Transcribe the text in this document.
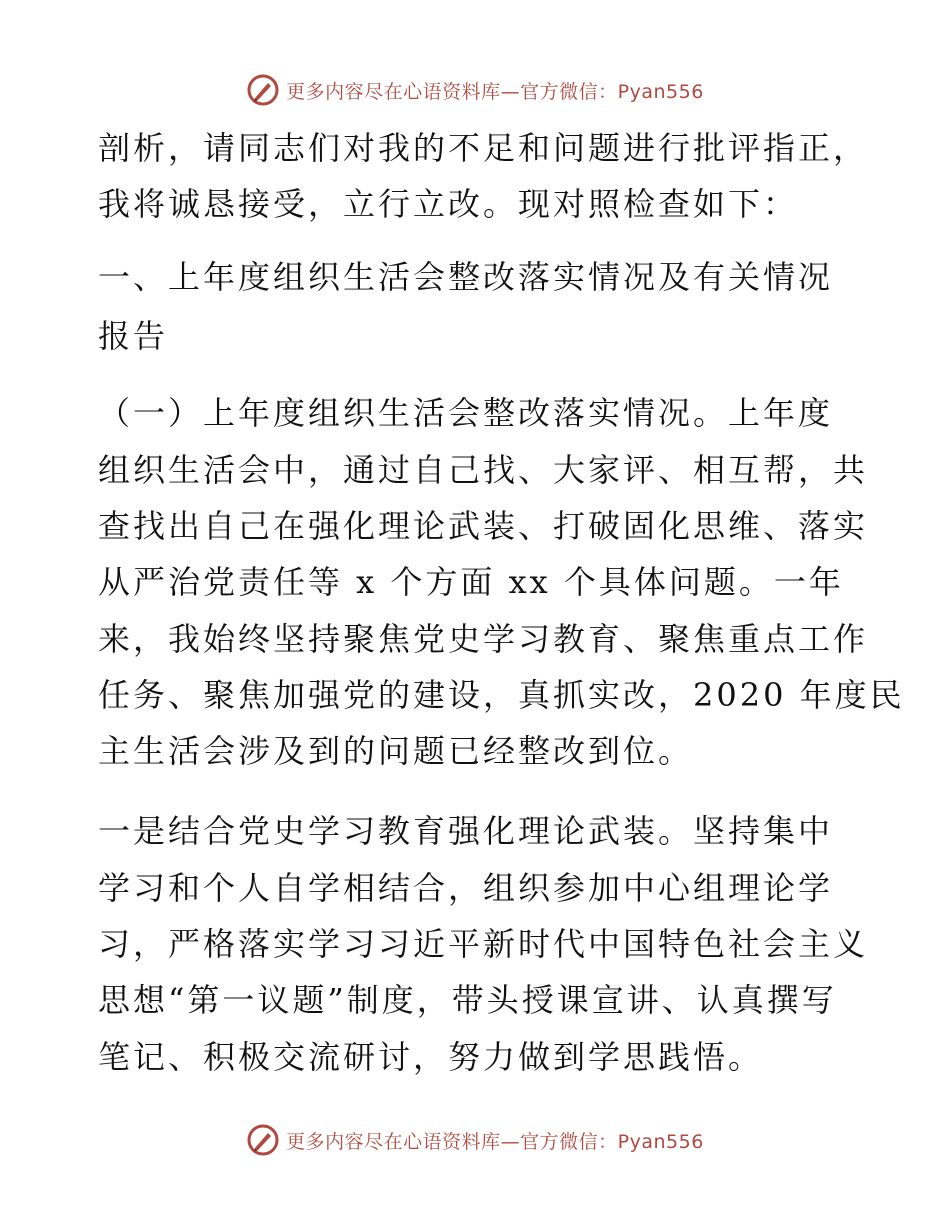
更多内容尽在心语资料库—官方微信：Pyan556
剖析，请同志们对我的不足和问题进行批评指正，
我将诚恳接受，立行立改。现对照检查如下：
一、上年度组织生活会整改落实情况及有关情况
报告
（一）上年度组织生活会整改落实情况。上年度
组织生活会中，通过自己找、大家评、相互帮，共
查找出自己在强化理论武装、打破固化思维、落实
从严治党责任等 x 个方面 xx 个具体问题。一年
来，我始终坚持聚焦党史学习教育、聚焦重点工作
任务、聚焦加强党的建设，真抓实改，2020 年度民
主生活会涉及到的问题已经整改到位。
一是结合党史学习教育强化理论武装。坚持集中
学习和个人自学相结合，组织参加中心组理论学
习，严格落实学习习近平新时代中国特色社会主义
思想“第一议题”制度，带头授课宣讲、认真撰写
笔记、积极交流研讨，努力做到学思践悟。
更多内容尽在心语资料库—官方微信：Pyan556
